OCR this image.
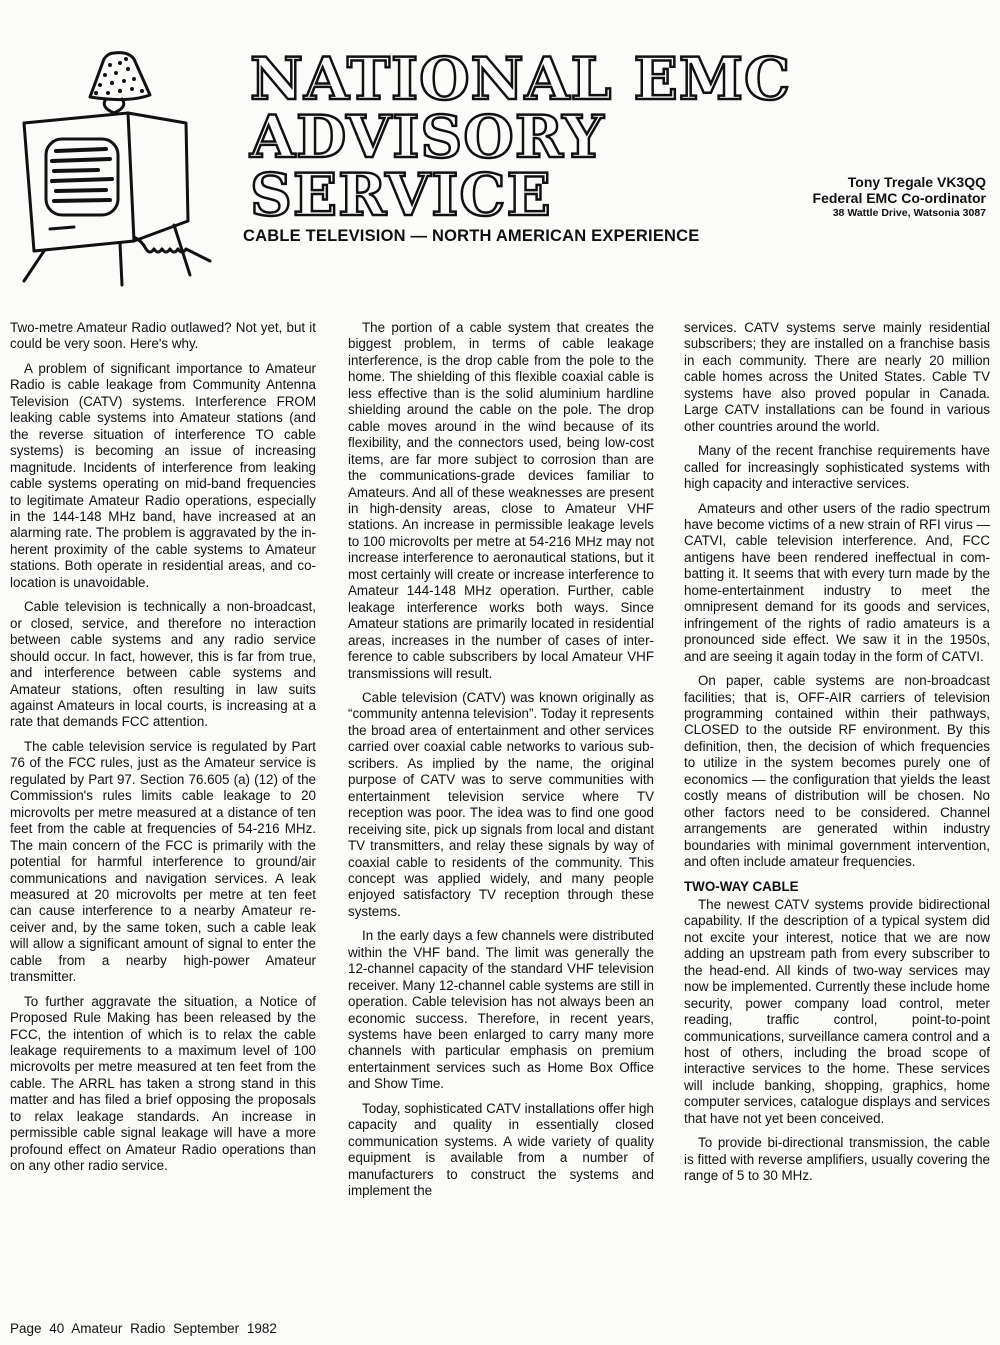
NATIONAL EMC
ADVISORY SERVICE	Tony Tregale VK3QQ
Federal EMC Co-ordinator
38 Wattle Drive, Watsonia 3087
CABLE TELEVISION — NORTH AMERICAN EXPERIENCE

Two-metre Amateur Radio outlawed? Not yet, but it could be very soon. Here's why.

A problem of significant importance to Amateur Radio is cable leakage from Community Antenna Television (CATV) systems. Interference FROM leaking cable systems into Amateur stations (and the reverse situation of interference TO cable systems) is becoming an issue of increasing magnitude. Incidents of interference from leaking cable systems operating on mid-band frequencies to legitimate Amateur Radio operations, especially in the 144-148 MHz band, have increased at an alarming rate. The problem is aggravated by the inherent proximity of the cable systems to Amateur stations. Both operate in residential areas, and co-location is unavoidable.

Cable television is technically a non-broadcast, or closed, service, and therefore no interaction between cable systems and any radio service should occur. In fact, however, this is far from true, and interference between cable systems and Amateur stations, often resulting in law suits against Amateurs in local courts, is increasing at a rate that demands FCC attention.

The cable television service is regulated by Part 76 of the FCC rules, just as the Amateur service is regulated by Part 97. Section 76.605 (a) (12) of the Commission's rules limits cable leakage to 20 microvolts per metre measured at a distance of ten feet from the cable at frequencies of 54-216 MHz. The main concern of the FCC is primarily with the potential for harmful interference to ground/air communications and navigation services. A leak measured at 20 microvolts per metre at ten feet can cause interference to a nearby Amateur receiver and, by the same token, such a cable leak will allow a significant amount of signal to enter the cable from a nearby high-power Amateur transmitter.

To further aggravate the situation, a Notice of Proposed Rule Making has been released by the FCC, the intention of which is to relax the cable leakage requirements to a maximum level of 100 microvolts per metre measured at ten feet from the cable. The ARRL has taken a strong stand in this matter and has filed a brief opposing the proposals to relax leakage standards. An increase in permissible cable signal leakage will have a more profound effect on Amateur Radio operations than on any other radio service.

The portion of a cable system that creates the biggest problem, in terms of cable leakage interference, is the drop cable from the pole to the home. The shielding of this flexible coaxial cable is less effective than is the solid aluminium hardline shielding around the cable on the pole. The drop cable moves around in the wind because of its flexibility, and the connectors used, being low-cost items, are far more subject to corrosion than are the communications-grade devices familiar to Amateurs. And all of these weaknesses are present in high-density areas, close to Amateur VHF stations. An increase in permissible leakage levels to 100 microvolts per metre at 54-216 MHz may not increase interference to aeronautical stations, but it most certainly will create or increase interference to Amateur 144-148 MHz operation. Further, cable leakage interference works both ways. Since Amateur stations are primarily located in residential areas, increases in the number of cases of interference to cable subscribers by local Amateur VHF transmissions will result.

Cable television (CATV) was known originally as “community antenna television”. Today it represents the broad area of entertainment and other services carried over coaxial cable networks to various subscribers. As implied by the name, the original purpose of CATV was to serve communities with entertainment television service where TV reception was poor. The idea was to find one good receiving site, pick up signals from local and distant TV transmitters, and relay these signals by way of coaxial cable to residents of the community. This concept was applied widely, and many people enjoyed satisfactory TV reception through these systems.

In the early days a few channels were distributed within the VHF band. The limit was generally the 12-channel capacity of the standard VHF television receiver. Many 12-channel cable systems are still in operation. Cable television has not always been an economic success. Therefore, in recent years, systems have been enlarged to carry many more channels with particular emphasis on premium entertainment services such as Home Box Office and Show Time.

Today, sophisticated CATV installations offer high capacity and quality in essentially closed communication systems. A wide variety of quality equipment is available from a number of manufacturers to construct the systems and implement the

services. CATV systems serve mainly residential subscribers; they are installed on a franchise basis in each community. There are nearly 20 million cable homes across the United States. Cable TV systems have also proved popular in Canada. Large CATV installations can be found in various other countries around the world.

Many of the recent franchise requirements have called for increasingly sophisticated systems with high capacity and interactive services.

Amateurs and other users of the radio spectrum have become victims of a new strain of RFI virus — CATVI, cable television interference. And, FCC antigens have been rendered ineffectual in combatting it. It seems that with every turn made by the home-entertainment industry to meet the omnipresent demand for its goods and services, infringement of the rights of radio amateurs is a pronounced side effect. We saw it in the 1950s, and are seeing it again today in the form of CATVI.

On paper, cable systems are non-broadcast facilities; that is, OFF-AIR carriers of television programming contained within their pathways, CLOSED to the outside RF environment. By this definition, then, the decision of which frequencies to utilize in the system becomes purely one of economics — the configuration that yields the least costly means of distribution will be chosen. No other factors need to be considered. Channel arrangements are generated within industry boundaries with minimal government intervention, and often include amateur frequencies.

TWO-WAY CABLE

The newest CATV systems provide bidirectional capability. If the description of a typical system did not excite your interest, notice that we are now adding an upstream path from every subscriber to the head-end. All kinds of two-way services may now be implemented. Currently these include home security, power company load control, meter reading, traffic control, point-to-point communications, surveillance camera control and a host of others, including the broad scope of interactive services to the home. These services will include banking, shopping, graphics, home computer services, catalogue displays and services that have not yet been conceived.

To provide bi-directional transmission, the cable is fitted with reverse amplifiers, usually covering the range of 5 to 30 MHz.

Page 40 Amateur Radio September 1982
